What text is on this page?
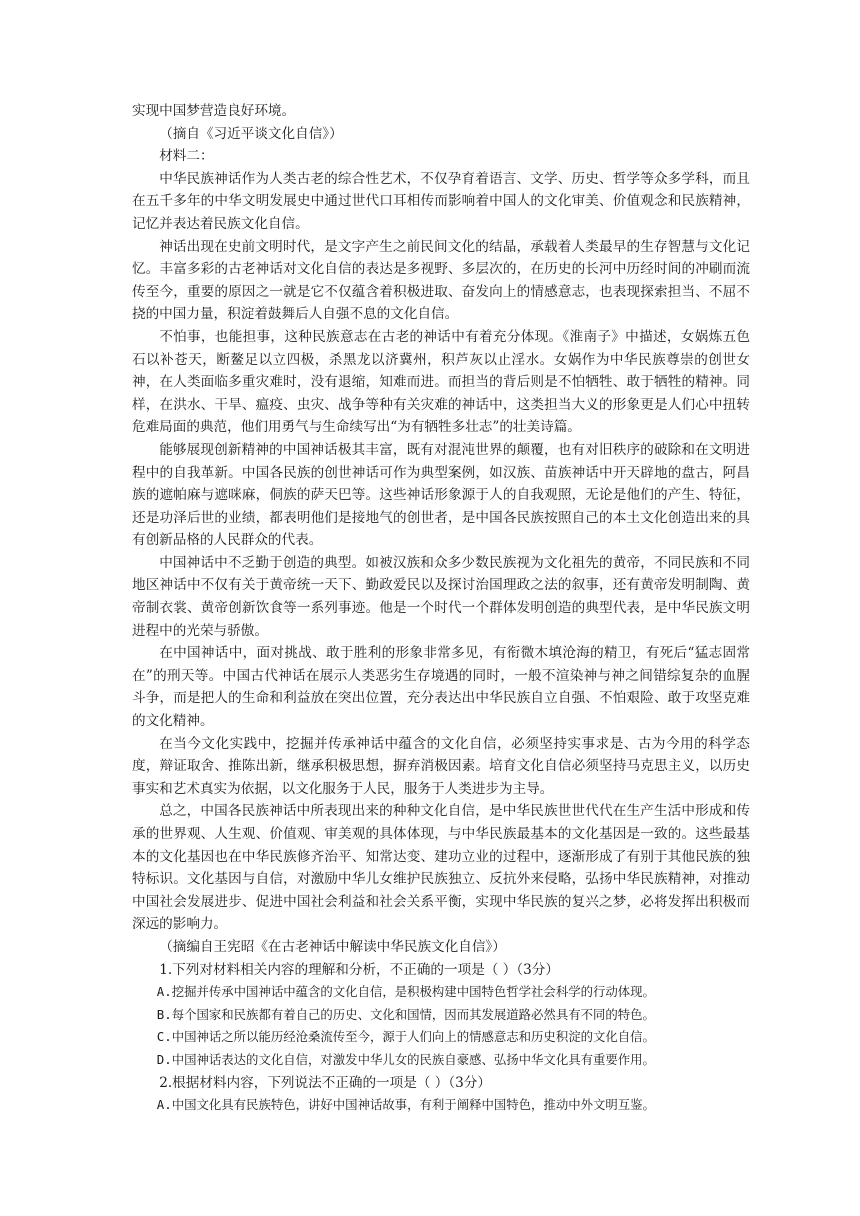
实现中国梦营造良好环境。

（摘自《习近平谈文化自信》）

材料二：

中华民族神话作为人类古老的综合性艺术，不仅孕育着语言、文学、历史、哲学等众多学科，而且在五千多年的中华文明发展史中通过世代口耳相传而影响着中国人的文化审美、价值观念和民族精神，记忆并表达着民族文化自信。

神话出现在史前文明时代，是文字产生之前民间文化的结晶，承载着人类最早的生存智慧与文化记忆。丰富多彩的古老神话对文化自信的表达是多视野、多层次的，在历史的长河中历经时间的冲刷而流传至今，重要的原因之一就是它不仅蕴含着积极进取、奋发向上的情感意志，也表现探索担当、不屈不挠的中国力量，积淀着鼓舞后人自强不息的文化自信。

不怕事，也能担事，这种民族意志在古老的神话中有着充分体现。《淮南子》中描述，女娲炼五色石以补苍天，断鳌足以立四极，杀黑龙以济冀州，积芦灰以止淫水。女娲作为中华民族尊崇的创世女神，在人类面临多重灾难时，没有退缩，知难而进。而担当的背后则是不怕牺牲、敢于牺牲的精神。同样，在洪水、干旱、瘟疫、虫灾、战争等种有关灾难的神话中，这类担当大义的形象更是人们心中扭转危难局面的典范，他们用勇气与生命续写出“为有牺牲多壮志”的壮美诗篇。

能够展现创新精神的中国神话极其丰富，既有对混沌世界的颠覆，也有对旧秩序的破除和在文明进程中的自我革新。中国各民族的创世神话可作为典型案例，如汉族、苗族神话中开天辟地的盘古，阿昌族的遮帕麻与遮咪麻，侗族的萨天巴等。这些神话形象源于人的自我观照，无论是他们的产生、特征，还是功泽后世的业绩，都表明他们是接地气的创世者，是中国各民族按照自己的本土文化创造出来的具有创新品格的人民群众的代表。

中国神话中不乏勤于创造的典型。如被汉族和众多少数民族视为文化祖先的黄帝，不同民族和不同地区神话中不仅有关于黄帝统一天下、勤政爱民以及探讨治国理政之法的叙事，还有黄帝发明制陶、黄帝制衣裳、黄帝创新饮食等一系列事迹。他是一个时代一个群体发明创造的典型代表，是中华民族文明进程中的光荣与骄傲。

在中国神话中，面对挑战、敢于胜利的形象非常多见，有衔微木填沧海的精卫，有死后“猛志固常在”的刑天等。中国古代神话在展示人类恶劣生存境遇的同时，一般不渲染神与神之间错综复杂的血腥斗争，而是把人的生命和利益放在突出位置，充分表达出中华民族自立自强、不怕艰险、敢于攻坚克难的文化精神。

在当今文化实践中，挖掘并传承神话中蕴含的文化自信，必须坚持实事求是、古为今用的科学态度，辩证取舍、推陈出新，继承积极思想，摒弃消极因素。培育文化自信必须坚持马克思主义，以历史事实和艺术真实为依据，以文化服务于人民，服务于人类进步为主导。

总之，中国各民族神话中所表现出来的种种文化自信，是中华民族世世代代在生产生活中形成和传承的世界观、人生观、价值观、审美观的具体体现，与中华民族最基本的文化基因是一致的。这些最基本的文化基因也在中华民族修齐治平、知常达变、建功立业的过程中，逐渐形成了有别于其他民族的独特标识。文化基因与自信，对激励中华儿女维护民族独立、反抗外来侵略，弘扬中华民族精神，对推动中国社会发展进步、促进中国社会利益和社会关系平衡，实现中华民族的复兴之梦，必将发挥出积极而深远的影响力。

（摘编自王宪昭《在古老神话中解读中华民族文化自信》）

1.下列对材料相关内容的理解和分析，不正确的一项是（ ）（3分）

A.挖掘并传承中国神话中蕴含的文化自信，是积极构建中国特色哲学社会科学的行动体现。

B.每个国家和民族都有着自己的历史、文化和国情，因而其发展道路必然具有不同的特色。

C.中国神话之所以能历经沧桑流传至今，源于人们向上的情感意志和历史积淀的文化自信。

D.中国神话表达的文化自信，对激发中华儿女的民族自豪感、弘扬中华文化具有重要作用。

2.根据材料内容，下列说法不正确的一项是（ ）（3分）

A.中国文化具有民族特色，讲好中国神话故事，有利于阐释中国特色，推动中外文明互鉴。
